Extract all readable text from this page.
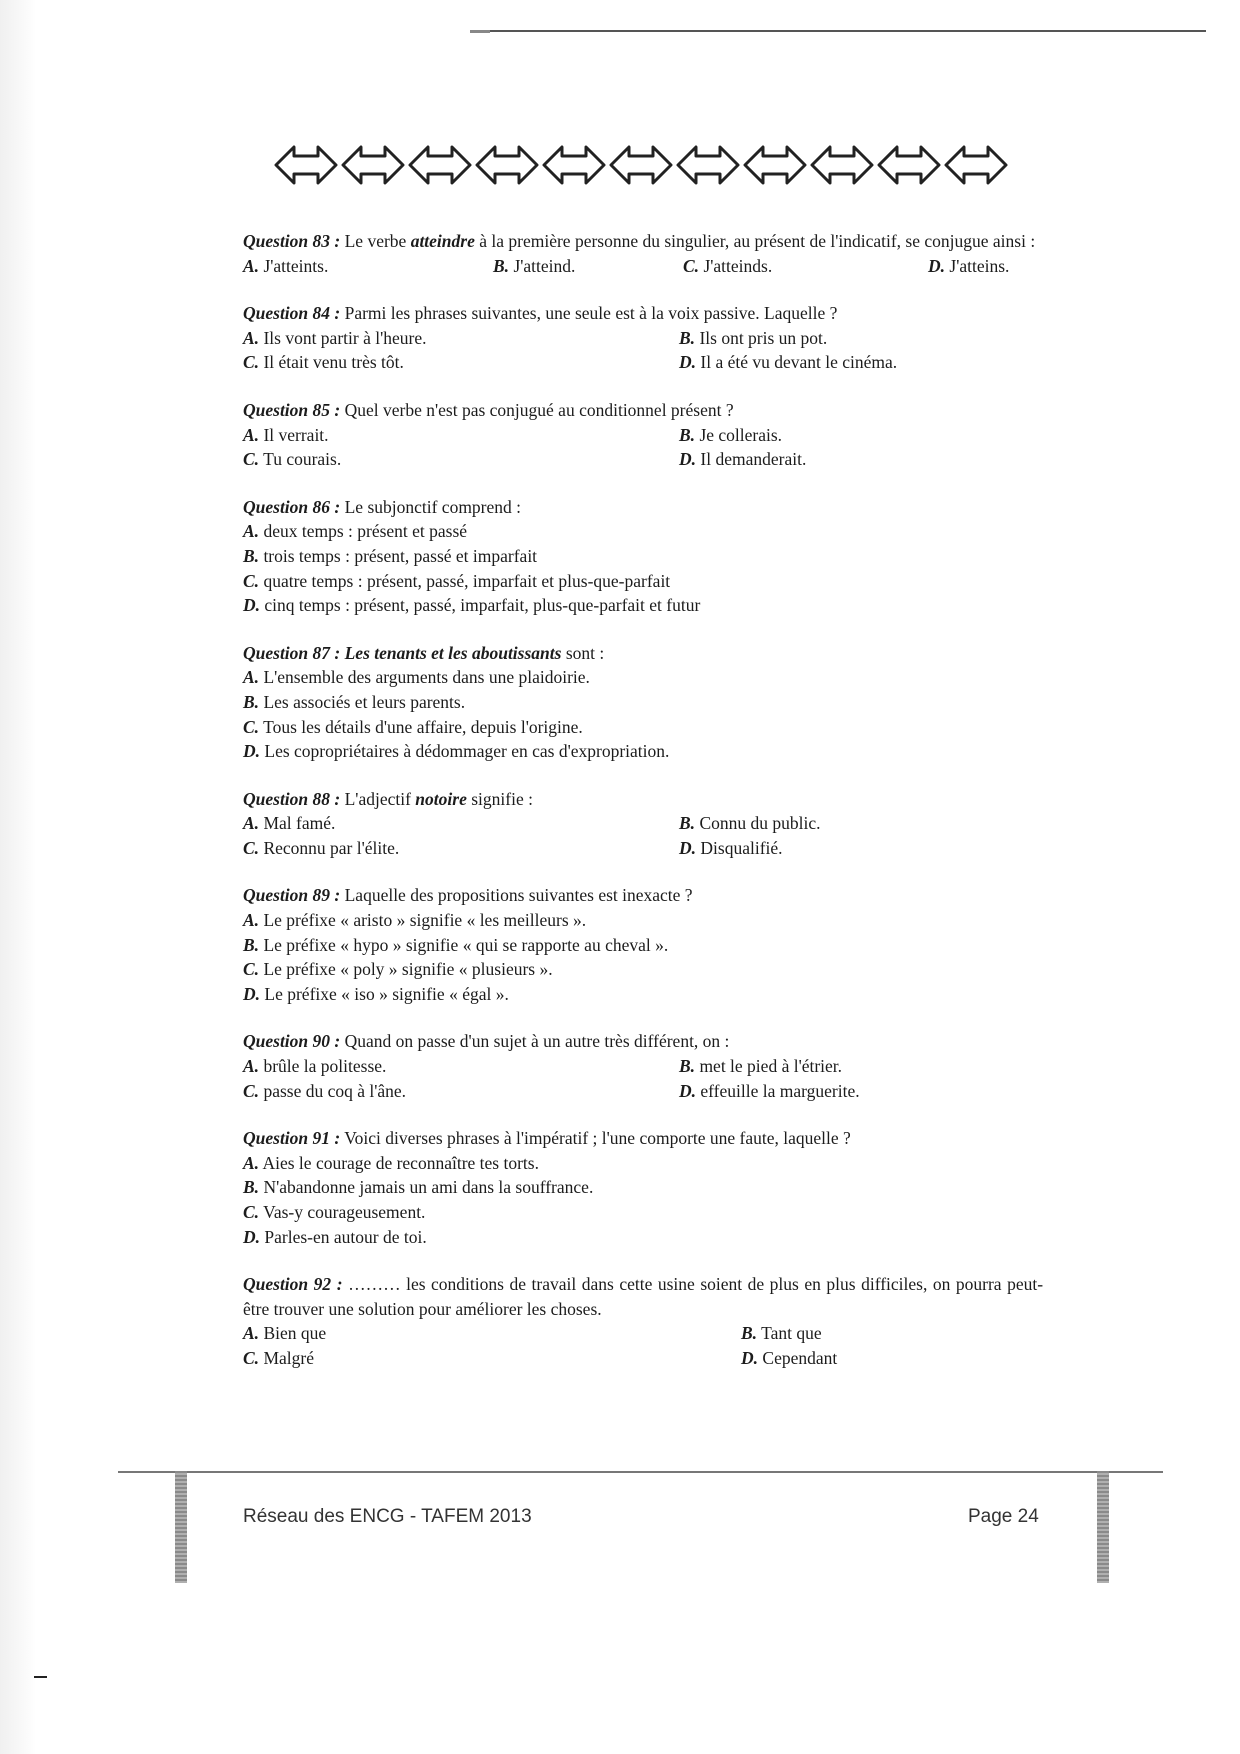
Question 83 : Le verbe atteindre à la première personne du singulier, au présent de l'indicatif, se conjugue ainsi :

A. J'atteints.	B. J'atteind.	C. J'atteinds.	D. J'atteins.

Question 84 : Parmi les phrases suivantes, une seule est à la voix passive. Laquelle ?

A. Ils vont partir à l'heure.	B. Ils ont pris un pot.
C. Il était venu très tôt.	D. Il a été vu devant le cinéma.

Question 85 : Quel verbe n'est pas conjugué au conditionnel présent ?

A. Il verrait.	B. Je collerais.
C. Tu courais.	D. Il demanderait.

Question 86 : Le subjonctif comprend :

A. deux temps : présent et passé
B. trois temps : présent, passé et imparfait
C. quatre temps : présent, passé, imparfait et plus-que-parfait
D. cinq temps : présent, passé, imparfait, plus-que-parfait et futur

Question 87 : Les tenants et les aboutissants sont :

A. L'ensemble des arguments dans une plaidoirie.
B. Les associés et leurs parents.
C. Tous les détails d'une affaire, depuis l'origine.
D. Les copropriétaires à dédommager en cas d'expropriation.

Question 88 : L'adjectif notoire signifie :

A. Mal famé.	B. Connu du public.
C. Reconnu par l'élite.	D. Disqualifié.

Question 89 : Laquelle des propositions suivantes est inexacte ?

A. Le préfixe « aristo » signifie « les meilleurs ».
B. Le préfixe « hypo » signifie « qui se rapporte au cheval ».
C. Le préfixe « poly » signifie « plusieurs ».
D. Le préfixe « iso » signifie « égal ».

Question 90 : Quand on passe d'un sujet à un autre très différent, on :

A. brûle la politesse.	B. met le pied à l'étrier.
C. passe du coq à l'âne.	D. effeuille la marguerite.

Question 91 : Voici diverses phrases à l'impératif ; l'une comporte une faute, laquelle ?

A. Aies le courage de reconnaître tes torts.
B. N'abandonne jamais un ami dans la souffrance.
C. Vas-y courageusement.
D. Parles-en autour de toi.

Question 92 : ……… les conditions de travail dans cette usine soient de plus en plus difficiles, on pourra peut-être trouver une solution pour améliorer les choses.

A. Bien que	B. Tant que
C. Malgré	D. Cependant
Réseau des ENCG - TAFEM 2013	Page 24
